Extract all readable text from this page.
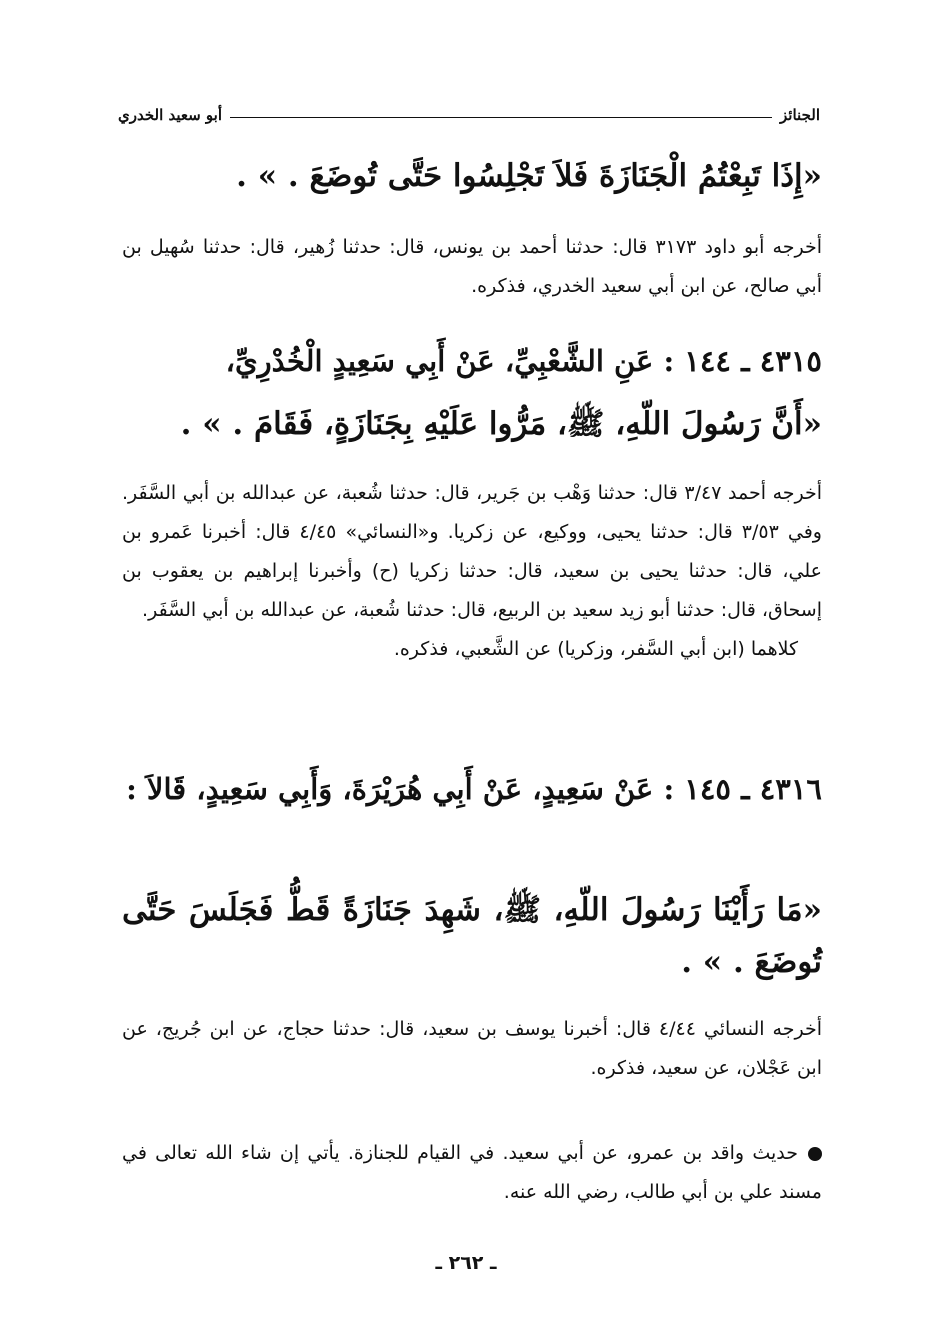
الجنائز
أبو سعيد الخدري
«إِذَا تَبِعْتُمُ الْجَنَازَةَ فَلاَ تَجْلِسُوا حَتَّى تُوضَعَ . » .

أخرجه أبو داود ٣١٧٣ قال: حدثنا أحمد بن يونس، قال: حدثنا زُهير، قال: حدثنا سُهيل بن أبي صالح، عن ابن أبي سعيد الخدري، فذكره.

٤٣١٥ ـ ١٤٤ : عَنِ الشَّعْبِيِّ، عَنْ أَبِي سَعِيدٍ الْخُدْرِيِّ،
«أَنَّ رَسُولَ اللّهِ، ﷺ، مَرُّوا عَلَيْهِ بِجَنَازَةٍ، فَقَامَ . » .

أخرجه أحمد ٣/٤٧ قال: حدثنا وَهْب بن جَرير، قال: حدثنا شُعبة، عن عبدالله بن أبي السَّفَر. وفي ٣/٥٣ قال: حدثنا يحيى، ووكيع، عن زكريا. و«النسائي» ٤/٤٥ قال: أخبرنا عَمرو بن علي، قال: حدثنا يحيى بن سعيد، قال: حدثنا زكريا (ح) وأخبرنا إبراهيم بن يعقوب بن إسحاق، قال: حدثنا أبو زيد سعيد بن الربيع، قال: حدثنا شُعبة، عن عبدالله بن أبي السَّفَر.

كلاهما (ابن أبي السَّفر، وزكريا) عن الشَّعبي، فذكره.

٤٣١٦ ـ ١٤٥ : عَنْ سَعِيدٍ، عَنْ أَبِي هُرَيْرَةَ، وَأَبِي سَعِيدٍ، قَالاَ :
«مَا رَأَيْنَا رَسُولَ اللّهِ، ﷺ، شَهِدَ جَنَازَةً قَطُّ فَجَلَسَ حَتَّى تُوضَعَ . » .

أخرجه النسائي ٤/٤٤ قال: أخبرنا يوسف بن سعيد، قال: حدثنا حجاج، عن ابن جُريج، عن ابن عَجْلان، عن سعيد، فذكره.

حديث واقد بن عمرو، عن أبي سعيد. في القيام للجنازة. يأتي إن شاء الله تعالى في مسند علي بن أبي طالب، رضي الله عنه.

ـ ٢٦٢ ـ
